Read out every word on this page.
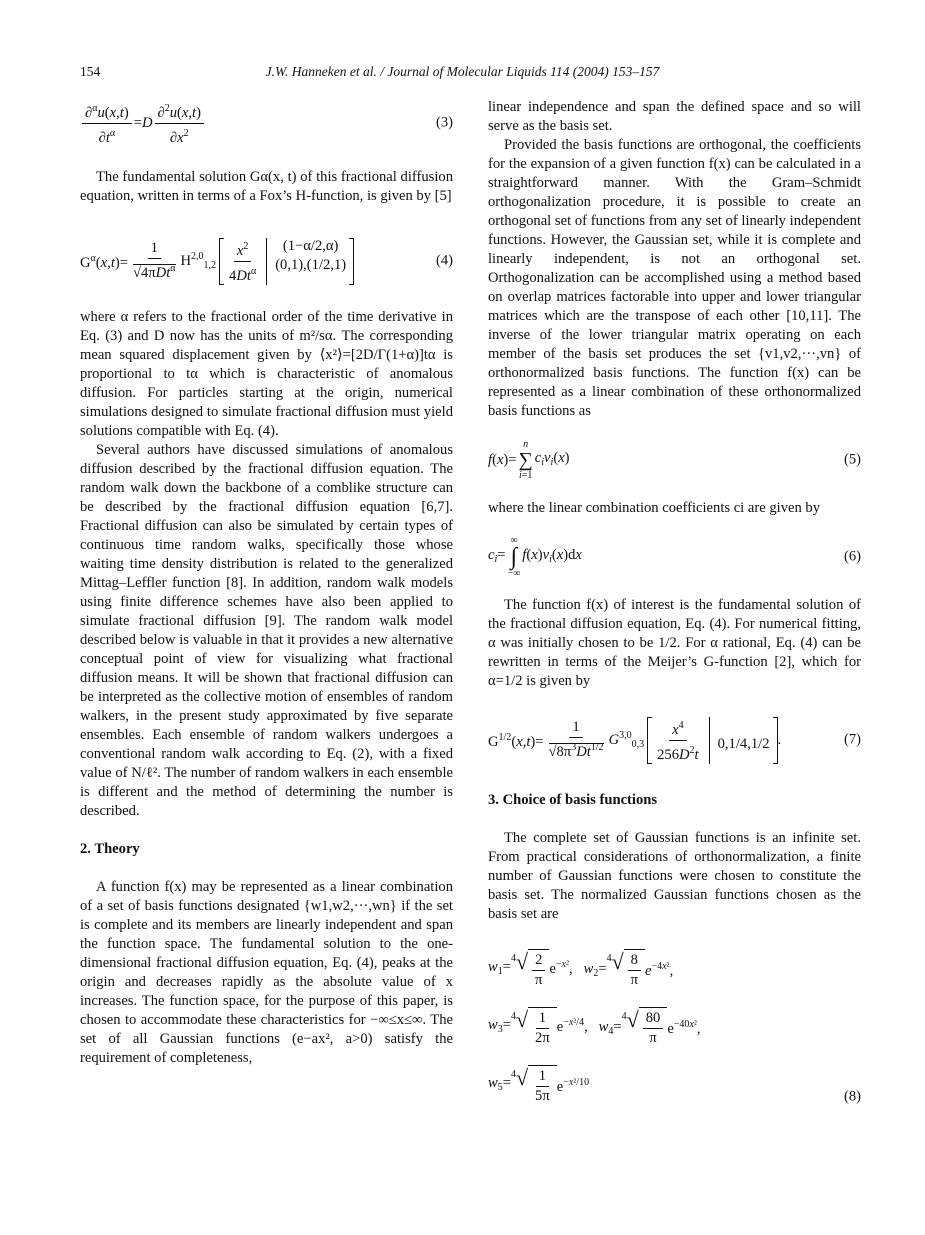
154	J.W. Hanneken et al. / Journal of Molecular Liquids 114 (2004) 153–157
$\frac{\partial^\alpha u(x,t)}{\partial t^\alpha} =D \frac{\partial^2u(x,t)}{\partial x^2}$	(3)

The fundamental solution Gα(x, t) of this fractional diffusion equation, written in terms of a Fox’s H-function, is given by [5]

$G^\alpha(x,t)= \frac{1}{√4\pi Dt^\alpha} H^{2,0}_{1,2} \frac{x^2}{4Dt^\alpha} (1-\alpha/2,\alpha)$
(0,1),(1/2,1)	(4)

where α refers to the fractional order of the time derivative in Eq. (3) and D now has the units of m²/sα. The corresponding mean squared displacement given by ⟨x²⟩=[2D/Γ(1+α)]tα is proportional to tα which is characteristic of anomalous diffusion. For particles starting at the origin, numerical simulations designed to simulate fractional diffusion must yield solutions compatible with Eq. (4).

Several authors have discussed simulations of anomalous diffusion described by the fractional diffusion equation. The random walk down the backbone of a comblike structure can be described by the fractional diffusion equation [6,7]. Fractional diffusion can also be simulated by certain types of continuous time random walks, specifically those whose waiting time density distribution is related to the generalized Mittag–Leffler function [8]. In addition, random walk models using finite difference schemes have also been applied to simulate fractional diffusion [9]. The random walk model described below is valuable in that it provides a new alternative conceptual point of view for visualizing what fractional diffusion means. It will be shown that fractional diffusion can be interpreted as the collective motion of ensembles of random walkers, in the present study approximated by five separate ensembles. Each ensemble of random walkers undergoes a conventional random walk according to Eq. (2), with a fixed value of N/ℓ². The number of random walkers in each ensemble is different and the method of determining the number is described.

2. Theory

A function f(x) may be represented as a linear combination of a set of basis functions designated {w1,w2,···,wn} if the set is complete and its members are linearly independent and span the function space. The fundamental solution to the one-dimensional fractional diffusion equation, Eq. (4), peaks at the origin and decreases rapidly as the absolute value of x increases. The function space, for the purpose of this paper, is chosen to accommodate these characteristics for −∞≤x≤∞. The set of all Gaussian functions (e−ax², a>0) satisfy the requirement of completeness,

linear independence and span the defined space and so will serve as the basis set.

Provided the basis functions are orthogonal, the coefficients for the expansion of a given function f(x) can be calculated in a straightforward manner. With the Gram–Schmidt orthogonalization procedure, it is possible to create an orthogonal set of functions from any set of linearly independent functions. However, the Gaussian set, while it is complete and linearly independent, is not an orthogonal set. Orthogonalization can be accomplished using a method based on overlap matrices factorable into upper and lower triangular matrices which are the transpose of each other [10,11]. The inverse of the lower triangular matrix operating on each member of the basis set produces the set {v1,v2,···,vn} of orthonormalized basis functions. The function f(x) can be represented as a linear combination of these orthonormalized basis functions as

f(x)=
n
∑
i=1
$c_iv_i(x)$	(5)

where the linear combination coefficients ci are given by

$c_i=$
∞
∫
−∞
$f(x)v_i(x)dx$	(6)

The function f(x) of interest is the fundamental solution of the fractional diffusion equation, Eq. (4). For numerical fitting, α was initially chosen to be 1/2. For α rational, Eq. (4) can be rewritten in terms of the Meijer’s G-function [2], which for α=1/2 is given by

$G^{1/2}(x,t)= \frac{1}{√8\pi^3Dt^{1/2}} G^{3,0}_{0,3} \frac{x^4}{256D^2t}$
0,1/4,1/2 .	(7)

3. Choice of basis functions

The complete set of Gaussian functions is an infinite set. From practical considerations of orthonormalization, a finite number of Gaussian functions were chosen to constitute the basis set. The normalized Gaussian functions chosen as the basis set are

$w_1= 4$ √ $\frac{2}{\pi} e^{-x^2}$,   $w_2=$
4 √ $\frac{8}{\pi} e^{-4x^2}$,
$w_3= 4$ √ $\frac{1}{2\pi} e^{-x^2/4}$,   $w_4=$
4 √ $\frac{80}{\pi} e^{-40x^2}$,
$w_5= 4$ √ $\frac{1}{5\pi} e^{-x^2/10}$
(8)
